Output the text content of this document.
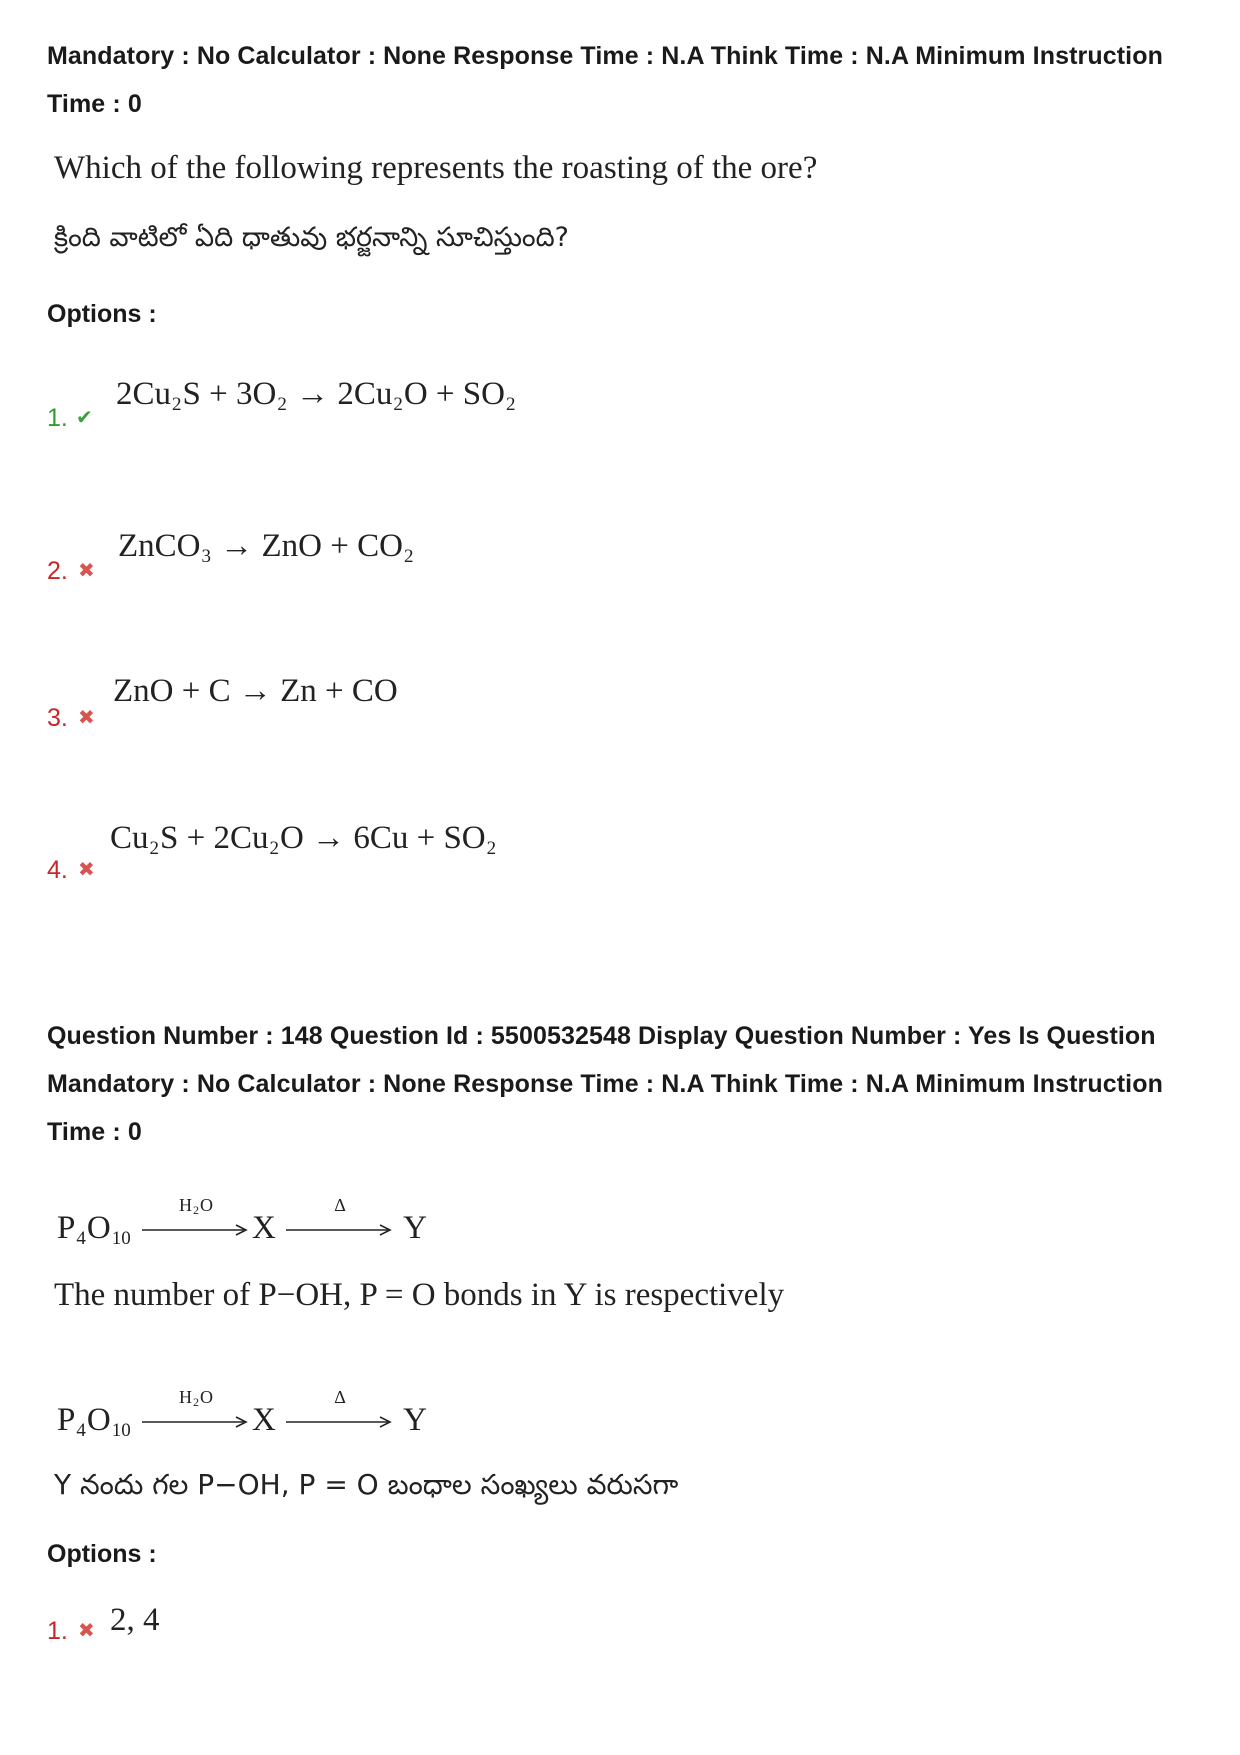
Mandatory : No Calculator : None Response Time : N.A Think Time : N.A Minimum Instruction
Time : 0
Which of the following represents the roasting of the ore?
క్రింది వాటిలో ఏది ధాతువు భర్జనాన్ని సూచిస్తుంది?
Options :
1. ✔
$2Cu_2S + 3O_2 \to 2Cu_2O + SO_2$
2. ✖
ZnCO$_3$ → ZnO + $CO_2$
3. ✖
ZnO + C → Zn + CO
4. ✖
$Cu_2S + 2Cu_2O \to 6Cu + SO_2$
Question Number : 148 Question Id : 5500532548 Display Question Number : Yes Is Question
Mandatory : No Calculator : None Response Time : N.A Think Time : N.A Minimum Instruction
Time : 0
$P_4O_{10}$
$H_2O$
X
Δ
Y
The number of P−OH, P = O bonds in Y is respectively
$P_4O_{10}$
$H_2O$
X
Δ
Y
Y నందు గల P−OH, P = O బంధాల సంఖ్యలు వరుసగా
Options :
1. ✖ 2, 4
